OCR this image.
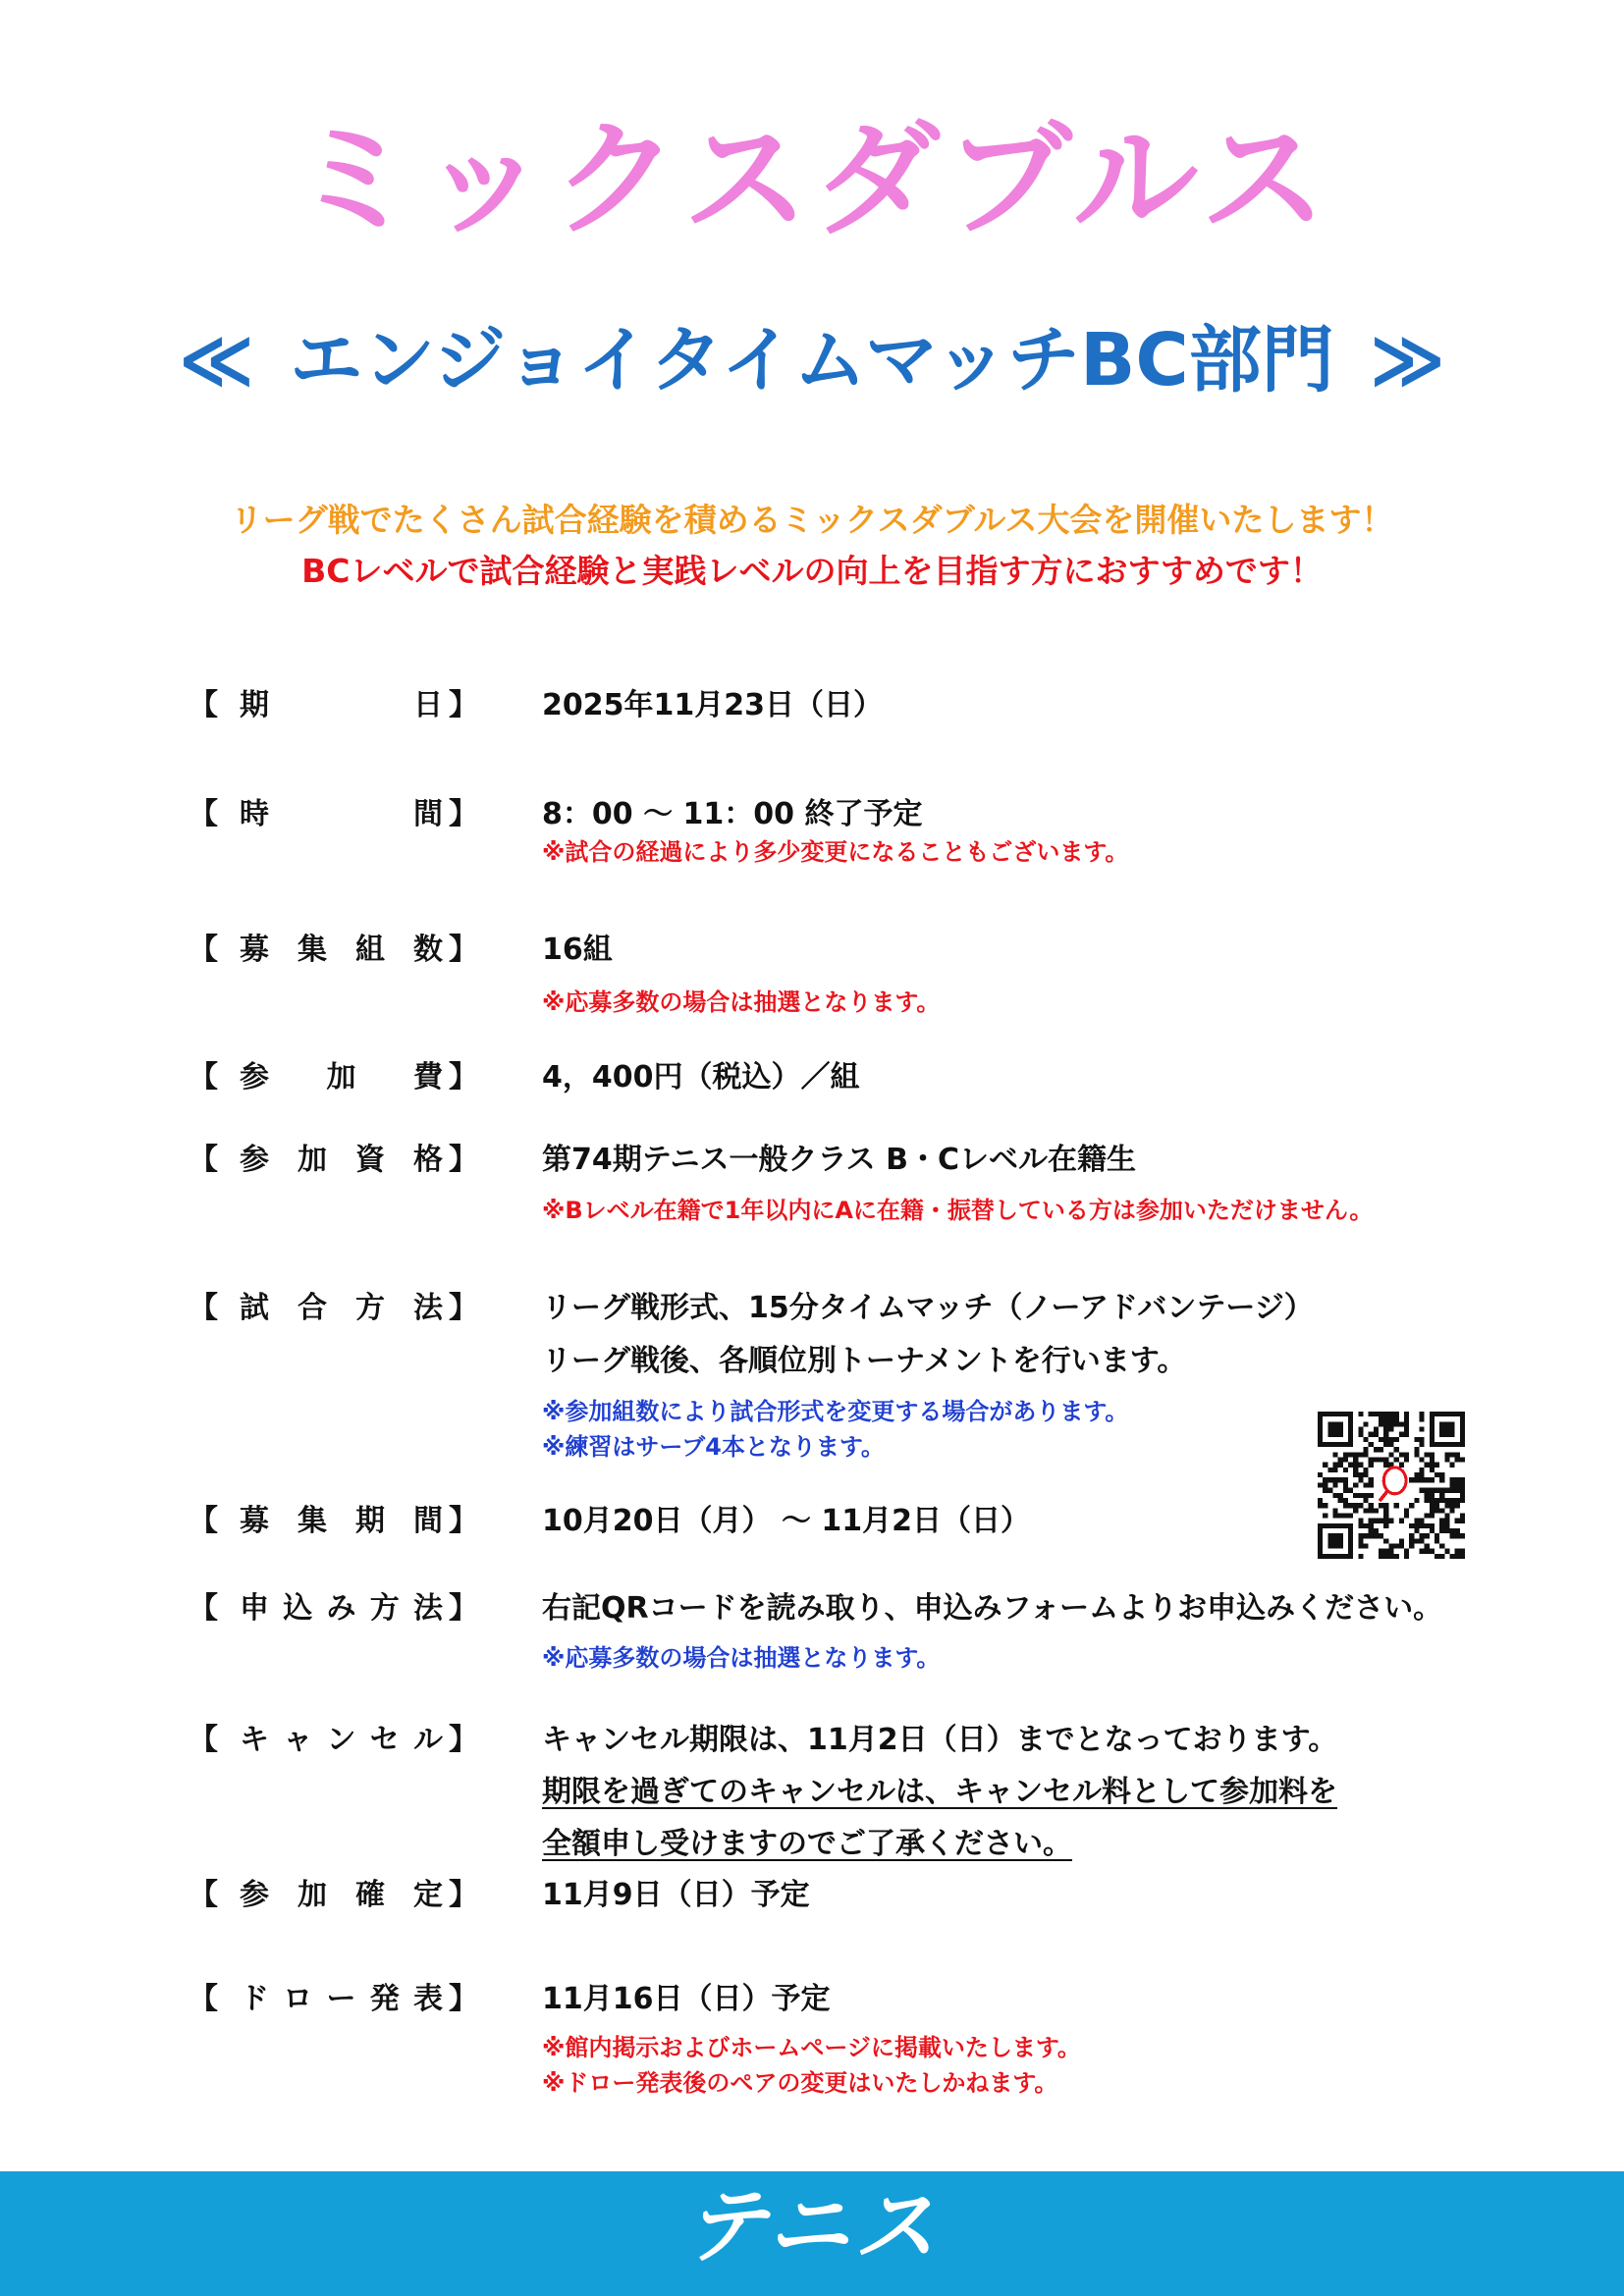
ミックスダブルス
≪ エンジョイタイムマッチBC部門 ≫
リーグ戦でたくさん試合経験を積めるミックスダブルス大会を開催いたします！
BCレベルで試合経験と実践レベルの向上を目指す方におすすめです！
【 期	日 】 2025年11月23日（日）
【 時	間 】 8：00 ～ 11：00 終了予定
※試合の経過により多少変更になることもございます。
【 募 集 組 数 】 16組
※応募多数の場合は抽選となります。
【 参 加 費 】 4，400円（税込）／組
【 参 加 資 格 】 第74期テニス一般クラス B・Cレベル在籍生
※Bレベル在籍で1年以内にAに在籍・振替している方は参加いただけません。
【 試 合 方 法 】 リーグ戦形式、15分タイムマッチ（ノーアドバンテージ）
リーグ戦後、各順位別トーナメントを行います。
※参加組数により試合形式を変更する場合があります。
※練習はサーブ4本となります。
【 募 集 期 間 】 10月20日（月） ～ 11月2日（日）
【 申 込 み 方 法 】 右記QRコードを読み取り、申込みフォームよりお申込みください。
※応募多数の場合は抽選となります。
【 キ ャ ン セ ル 】 キャンセル期限は、11月2日（日）までとなっております。
期限を過ぎてのキャンセルは、キャンセル料として参加料を
全額申し受けますのでご了承ください。
【 参 加 確 定 】 11月9日（日）予定
【 ド ロ ー 発 表 】 11月16日（日）予定
※館内掲示およびホームページに掲載いたします。
※ドロー発表後のペアの変更はいたしかねます。
テニス
